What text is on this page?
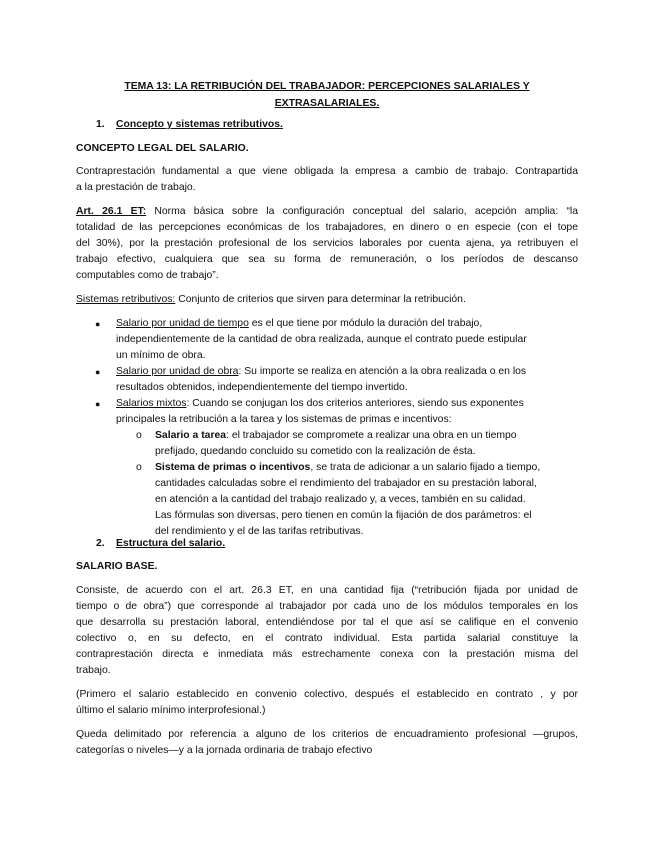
TEMA 13: LA RETRIBUCIÓN DEL TRABAJADOR: PERCEPCIONES SALARIALES Y
EXTRASALARIALES.
1. Concepto y sistemas retributivos.
CONCEPTO LEGAL DEL SALARIO.
Contraprestación fundamental a que viene obligada la empresa a cambio de trabajo. Contrapartida
a la prestación de trabajo.
Art. 26.1 ET: Norma básica sobre la configuración conceptual del salario, acepción amplia: “la
totalidad de las percepciones económicas de los trabajadores, en dinero o en especie (con el tope
del 30%), por la prestación profesional de los servicios laborales por cuenta ajena, ya retribuyen el
trabajo efectivo, cualquiera que sea su forma de remuneración, o los períodos de descanso
computables como de trabajo”.
Sistemas retributivos: Conjunto de criterios que sirven para determinar la retribución.
● Salario por unidad de tiempo es el que tiene por módulo la duración del trabajo,
independientemente de la cantidad de obra realizada, aunque el contrato puede estipular
un mínimo de obra.
● Salario por unidad de obra: Su importe se realiza en atención a la obra realizada o en los
resultados obtenidos, independientemente del tiempo invertido.
● Salarios mixtos: Cuando se conjugan los dos criterios anteriores, siendo sus exponentes
principales la retribución a la tarea y los sistemas de primas e incentivos:
o Salario a tarea: el trabajador se compromete a realizar una obra en un tiempo
prefijado, quedando concluido su cometido con la realización de ésta.
o Sistema de primas o incentivos, se trata de adicionar a un salario fijado a tiempo,
cantidades calculadas sobre el rendimiento del trabajador en su prestación laboral,
en atención a la cantidad del trabajo realizado y, a veces, también en su calidad.
Las fórmulas son diversas, pero tienen en común la fijación de dos parámetros: el
del rendimiento y el de las tarifas retributivas.
2. Estructura del salario.
SALARIO BASE.
Consiste, de acuerdo con el art. 26.3 ET, en una cantidad fija (“retribución fijada por unidad de
tiempo o de obra”) que corresponde al trabajador por cada uno de los módulos temporales en los
que desarrolla su prestación laboral, entendiéndose por tal el que así se califique en el convenio
colectivo o, en su defecto, en el contrato individual. Esta partida salarial constituye la
contraprestación directa e inmediata más estrechamente conexa con la prestación misma del
trabajo.
(Primero el salario establecido en convenio colectivo, después el establecido en contrato , y por
último el salario mínimo interprofesional.)
Queda delimitado por referencia a alguno de los criterios de encuadramiento profesional —grupos,
categorías o niveles—y a la jornada ordinaria de trabajo efectivo
